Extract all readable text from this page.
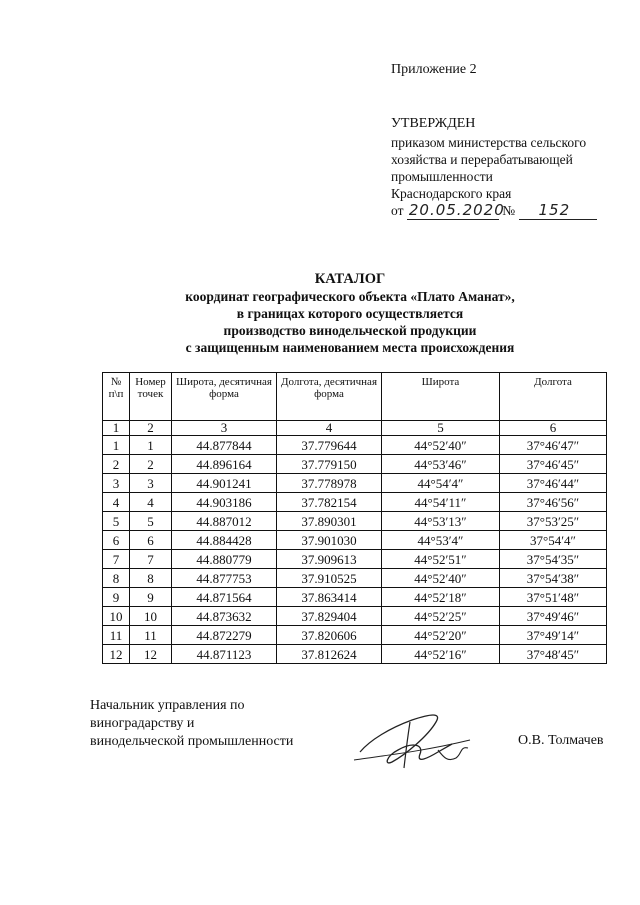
Приложение 2
УТВЕРЖДЕН
приказом министерства сельского
хозяйства и перерабатывающей
промышленности
Краснодарского края
от 20.05.2020 № 152
КАТАЛОГ
координат географического объекта «Плато Аманат»,
в границах которого осуществляется
производство винодельческой продукции
с защищенным наименованием места происхождения
№ п\п	Номер точек	Широта, десятичная форма	Долгота, десятичная форма	Широта	Долгота
1	2	3	4	5	6
1	1	44.877844	37.779644	44°52′40″	37°46′47″
2	2	44.896164	37.779150	44°53′46″	37°46′45″
3	3	44.901241	37.778978	44°54′4″	37°46′44″
4	4	44.903186	37.782154	44°54′11″	37°46′56″
5	5	44.887012	37.890301	44°53′13″	37°53′25″
6	6	44.884428	37.901030	44°53′4″	37°54′4″
7	7	44.880779	37.909613	44°52′51″	37°54′35″
8	8	44.877753	37.910525	44°52′40″	37°54′38″
9	9	44.871564	37.863414	44°52′18″	37°51′48″
10	10	44.873632	37.829404	44°52′25″	37°49′46″
11	11	44.872279	37.820606	44°52′20″	37°49′14″
12	12	44.871123	37.812624	44°52′16″	37°48′45″
Начальник управления по
виноградарству и
винодельческой промышленности	О.В. Толмачев
